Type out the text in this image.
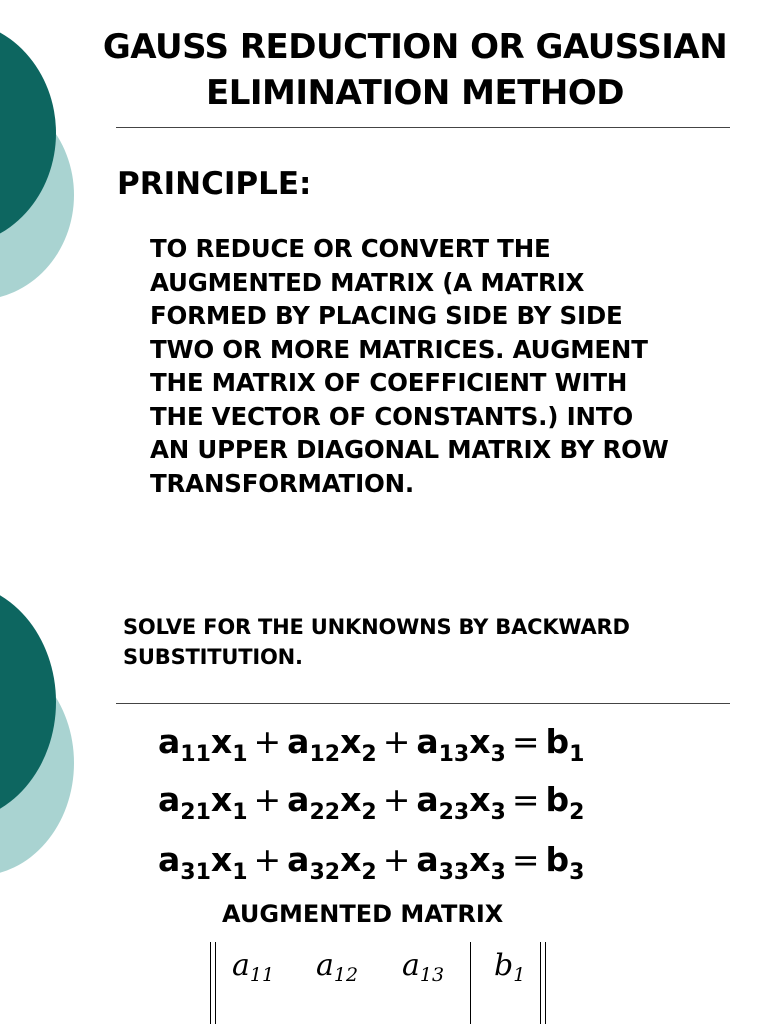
GAUSS REDUCTION OR GAUSSIAN
ELIMINATION METHOD
PRINCIPLE:
TO REDUCE OR CONVERT THE
AUGMENTED MATRIX (A MATRIX
FORMED BY PLACING SIDE BY SIDE
TWO OR MORE MATRICES. AUGMENT
THE MATRIX OF COEFFICIENT WITH
THE VECTOR OF CONSTANTS.) INTO
AN UPPER DIAGONAL MATRIX BY ROW
TRANSFORMATION.
SOLVE FOR THE UNKNOWNS BY BACKWARD
SUBSTITUTION.
$a_{11}x_1 + a_{12}x_2 + a_{13}x_3 = b_1$
$a_{21}x_1 + a_{22}x_2 + a_{23}x_3 = b_2$
$a_{31}x_1 + a_{32}x_2 + a_{33}x_3 = b_3$
AUGMENTED MATRIX
$a_{11}$ $a_{12}$ $a_{13}$ $b_1$
